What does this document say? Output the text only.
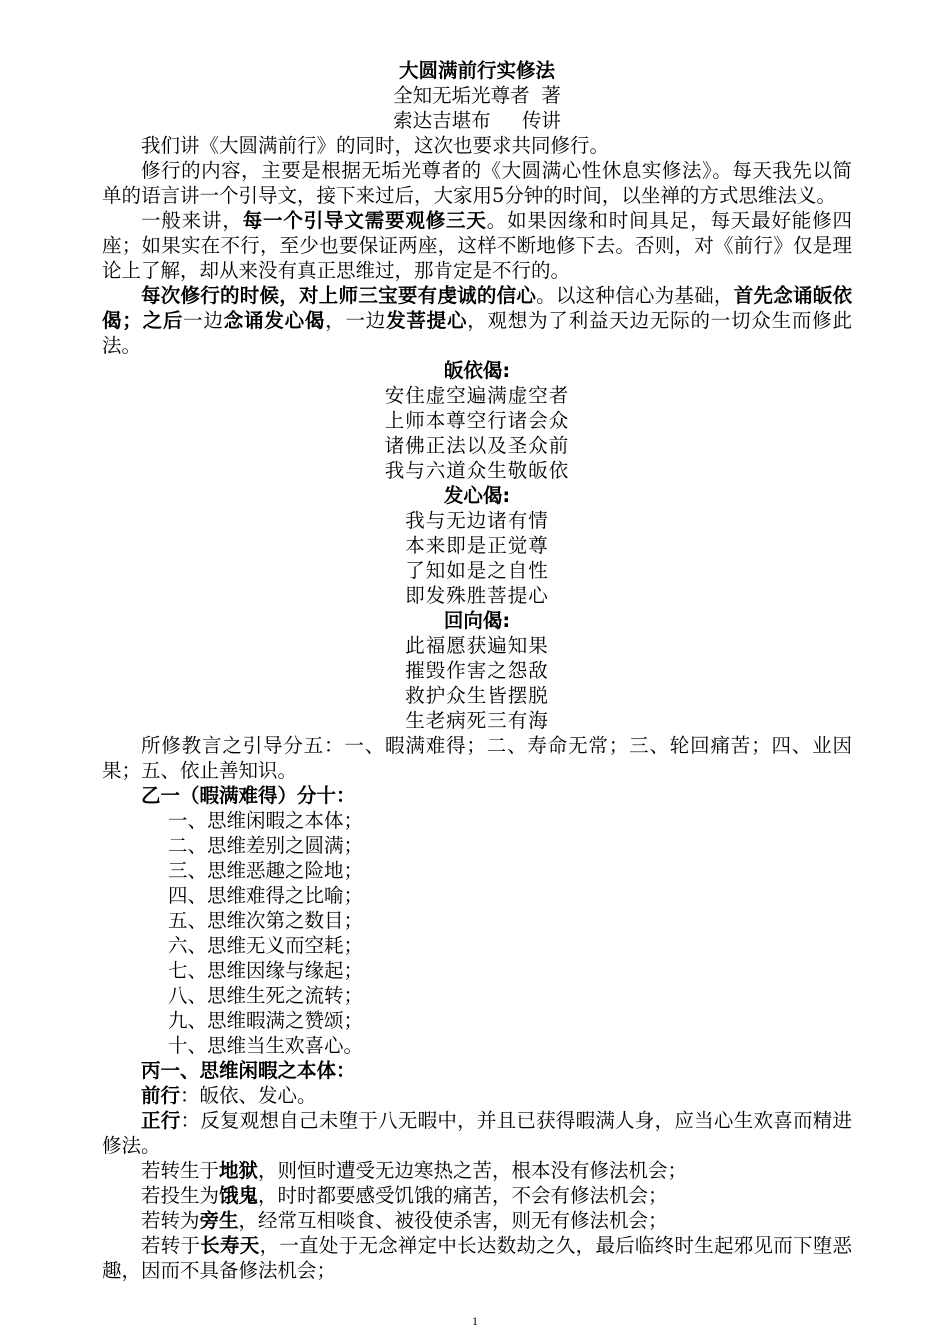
大圆满前行实修法
全知无垢光尊者 著
索达吉堪布　 传讲
我们讲《大圆满前行》的同时，这次也要求共同修行。
修行的内容，主要是根据无垢光尊者的《大圆满心性休息实修法》。每天我先以简单的语言讲一个引导文，接下来过后，大家用5分钟的时间，以坐禅的方式思维法义。
一般来讲，每一个引导文需要观修三天。如果因缘和时间具足，每天最好能修四座；如果实在不行，至少也要保证两座，这样不断地修下去。否则，对《前行》仅是理论上了解，却从来没有真正思维过，那肯定是不行的。
每次修行的时候，对上师三宝要有虔诚的信心。以这种信心为基础，首先念诵皈依偈；之后一边念诵发心偈，一边发菩提心，观想为了利益天边无际的一切众生而修此法。
皈依偈:
安住虚空遍满虚空者
上师本尊空行诸会众
诸佛正法以及圣众前
我与六道众生敬皈依
发心偈:
我与无边诸有情
本来即是正觉尊
了知如是之自性
即发殊胜菩提心
回向偈:
此福愿获遍知果
摧毁作害之怨敌
救护众生皆摆脱
生老病死三有海
所修教言之引导分五：一、暇满难得；二、寿命无常；三、轮回痛苦；四、业因果；五、依止善知识。
乙一（暇满难得）分十：
一、思维闲暇之本体；
二、思维差别之圆满；
三、思维恶趣之险地；
四、思维难得之比喻；
五、思维次第之数目；
六、思维无义而空耗；
七、思维因缘与缘起；
八、思维生死之流转；
九、思维暇满之赞颂；
十、思维当生欢喜心。
丙一、思维闲暇之本体：
前行：皈依、发心。
正行：反复观想自己未堕于八无暇中，并且已获得暇满人身，应当心生欢喜而精进修法。
若转生于地狱，则恒时遭受无边寒热之苦，根本没有修法机会；
若投生为饿鬼，时时都要感受饥饿的痛苦，不会有修法机会；
若转为旁生，经常互相啖食、被役使杀害，则无有修法机会；
若转于长寿天，一直处于无念禅定中长达数劫之久，最后临终时生起邪见而下堕恶趣，因而不具备修法机会；
1
